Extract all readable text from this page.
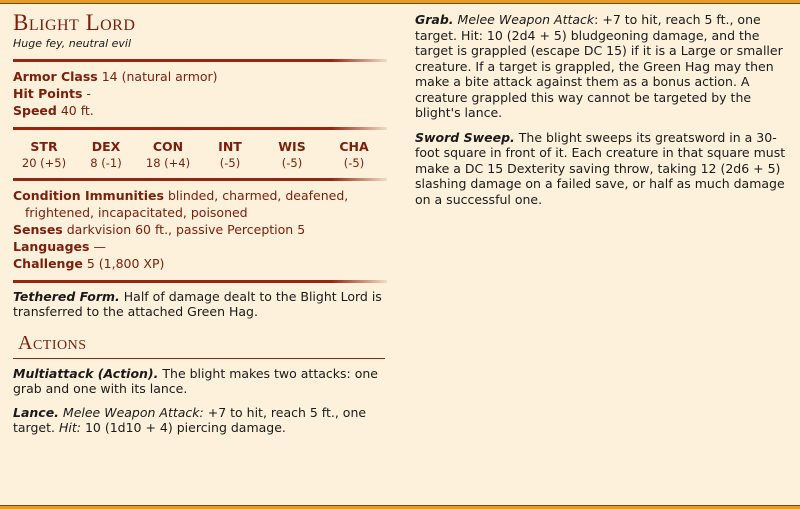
Blight Lord
Huge fey, neutral evil
Armor Class 14 (natural armor)
Hit Points -
Speed 40 ft.
STR
20 (+5)
DEX
8 (-1)
CON
18 (+4)
INT
(-5)
WIS
(-5)
CHA
(-5)
Condition Immunities blinded, charmed, deafened, frightened, incapacitated, poisoned
Senses darkvision 60 ft., passive Perception 5
Languages —
Challenge 5 (1,800 XP)

Tethered Form. Half of damage dealt to the Blight Lord is transferred to the attached Green Hag.

Actions

Multiattack (Action). The blight makes two attacks: one grab and one with its lance.

Lance. Melee Weapon Attack: +7 to hit, reach 5 ft., one target. Hit: 10 (1d10 + 4) piercing damage.

Grab. Melee Weapon Attack: +7 to hit, reach 5 ft., one target. Hit: 10 (2d4 + 5) bludgeoning damage, and the target is grappled (escape DC 15) if it is a Large or smaller creature. If a target is grappled, the Green Hag may then make a bite attack against them as a bonus action. A creature grappled this way cannot be targeted by the blight's lance.

Sword Sweep. The blight sweeps its greatsword in a 30-foot square in front of it. Each creature in that square must make a DC 15 Dexterity saving throw, taking 12 (2d6 + 5) slashing damage on a failed save, or half as much damage on a successful one.
